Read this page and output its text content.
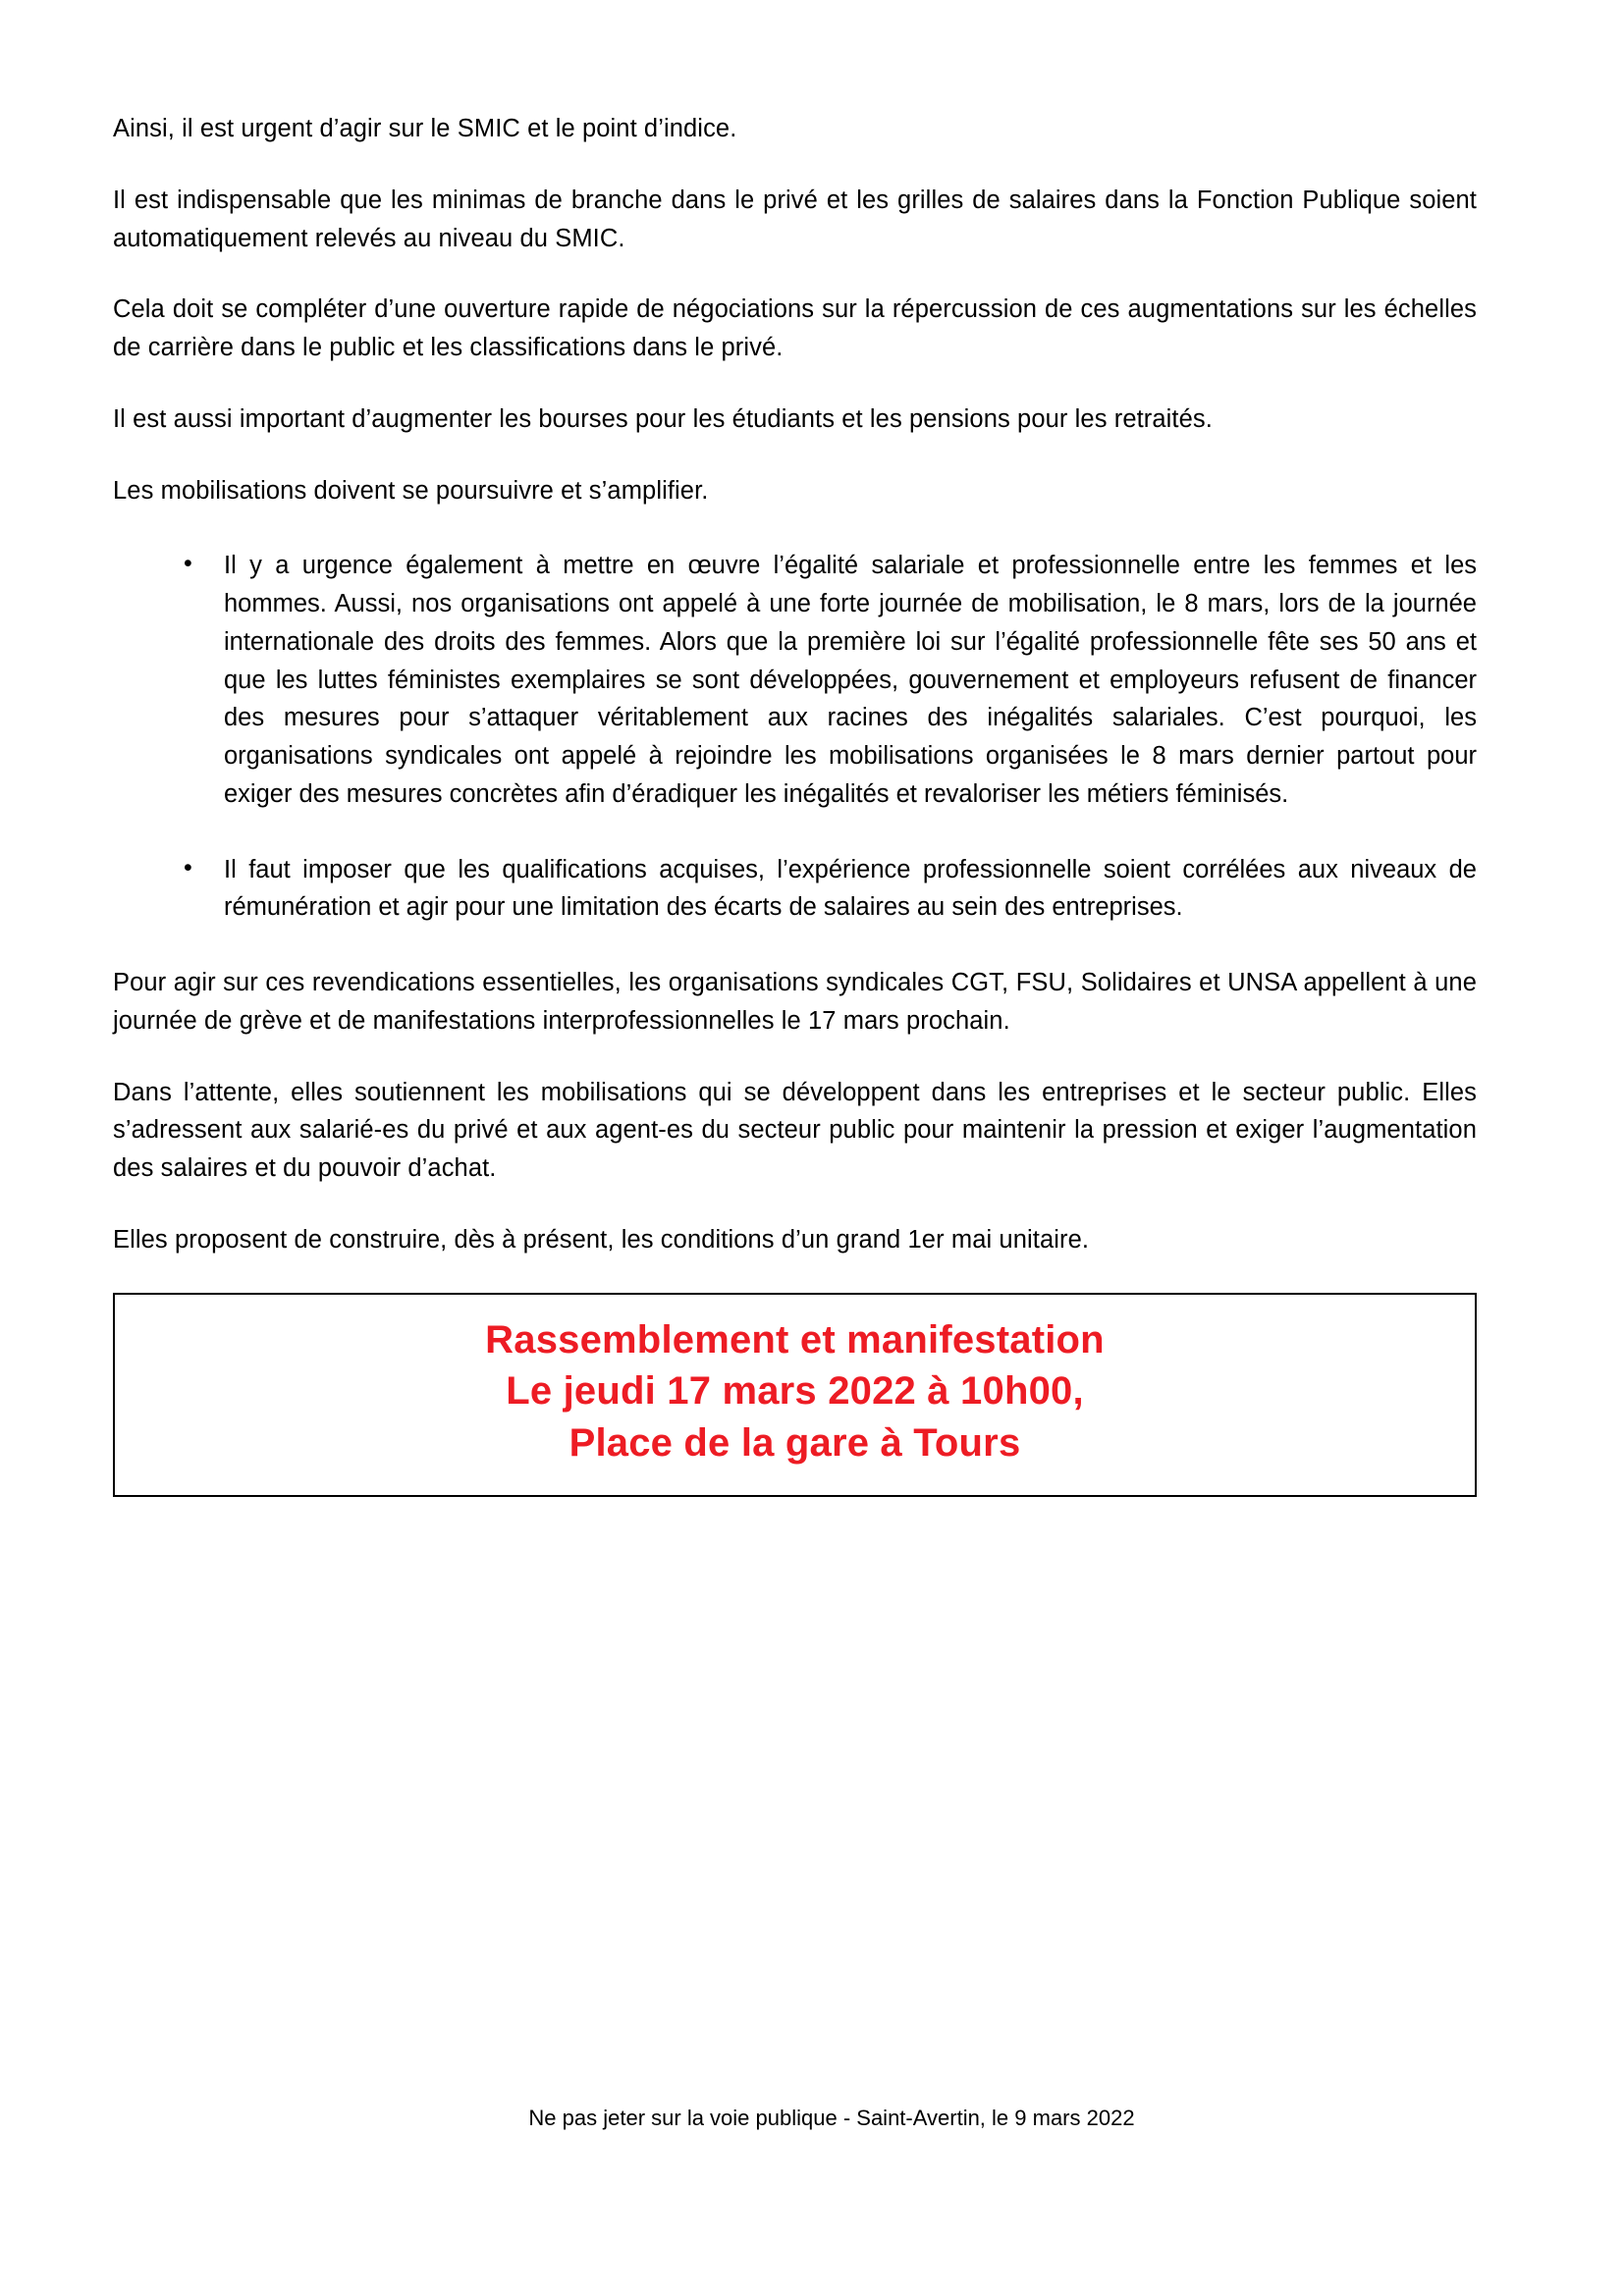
Ainsi, il est urgent d’agir sur le SMIC et le point d’indice.

Il est indispensable que les minimas de branche dans le privé et les grilles de salaires dans la Fonction Publique soient automatiquement relevés au niveau du SMIC.

Cela doit se compléter d’une ouverture rapide de négociations sur la répercussion de ces augmentations sur les échelles de carrière dans le public et les classifications dans le privé.

Il est aussi important d’augmenter les bourses pour les étudiants et les pensions pour les retraités.

Les mobilisations doivent se poursuivre et s’amplifier.

• Il y a urgence également à mettre en œuvre l’égalité salariale et professionnelle entre les femmes et les hommes. Aussi, nos organisations ont appelé à une forte journée de mobilisation, le 8 mars, lors de la journée internationale des droits des femmes. Alors que la première loi sur l’égalité professionnelle fête ses 50 ans et que les luttes féministes exemplaires se sont développées, gouvernement et employeurs refusent de financer des mesures pour s’attaquer véritablement aux racines des inégalités salariales. C’est pourquoi, les organisations syndicales ont appelé à rejoindre les mobilisations organisées le 8 mars dernier partout pour exiger des mesures concrètes afin d’éradiquer les inégalités et revaloriser les métiers féminisés.
• Il faut imposer que les qualifications acquises, l’expérience professionnelle soient corrélées aux niveaux de rémunération et agir pour une limitation des écarts de salaires au sein des entreprises.

Pour agir sur ces revendications essentielles, les organisations syndicales CGT, FSU, Solidaires et UNSA appellent à une journée de grève et de manifestations interprofessionnelles le 17 mars prochain.

Dans l’attente, elles soutiennent les mobilisations qui se développent dans les entreprises et le secteur public. Elles s’adressent aux salarié-es du privé et aux agent-es du secteur public pour maintenir la pression et exiger l’augmentation des salaires et du pouvoir d’achat.

Elles proposent de construire, dès à présent, les conditions d’un grand 1er mai unitaire.

Rassemblement et manifestation
Le jeudi 17 mars 2022 à 10h00,
Place de la gare à Tours
Ne pas jeter sur la voie publique - Saint-Avertin, le 9 mars 2022
